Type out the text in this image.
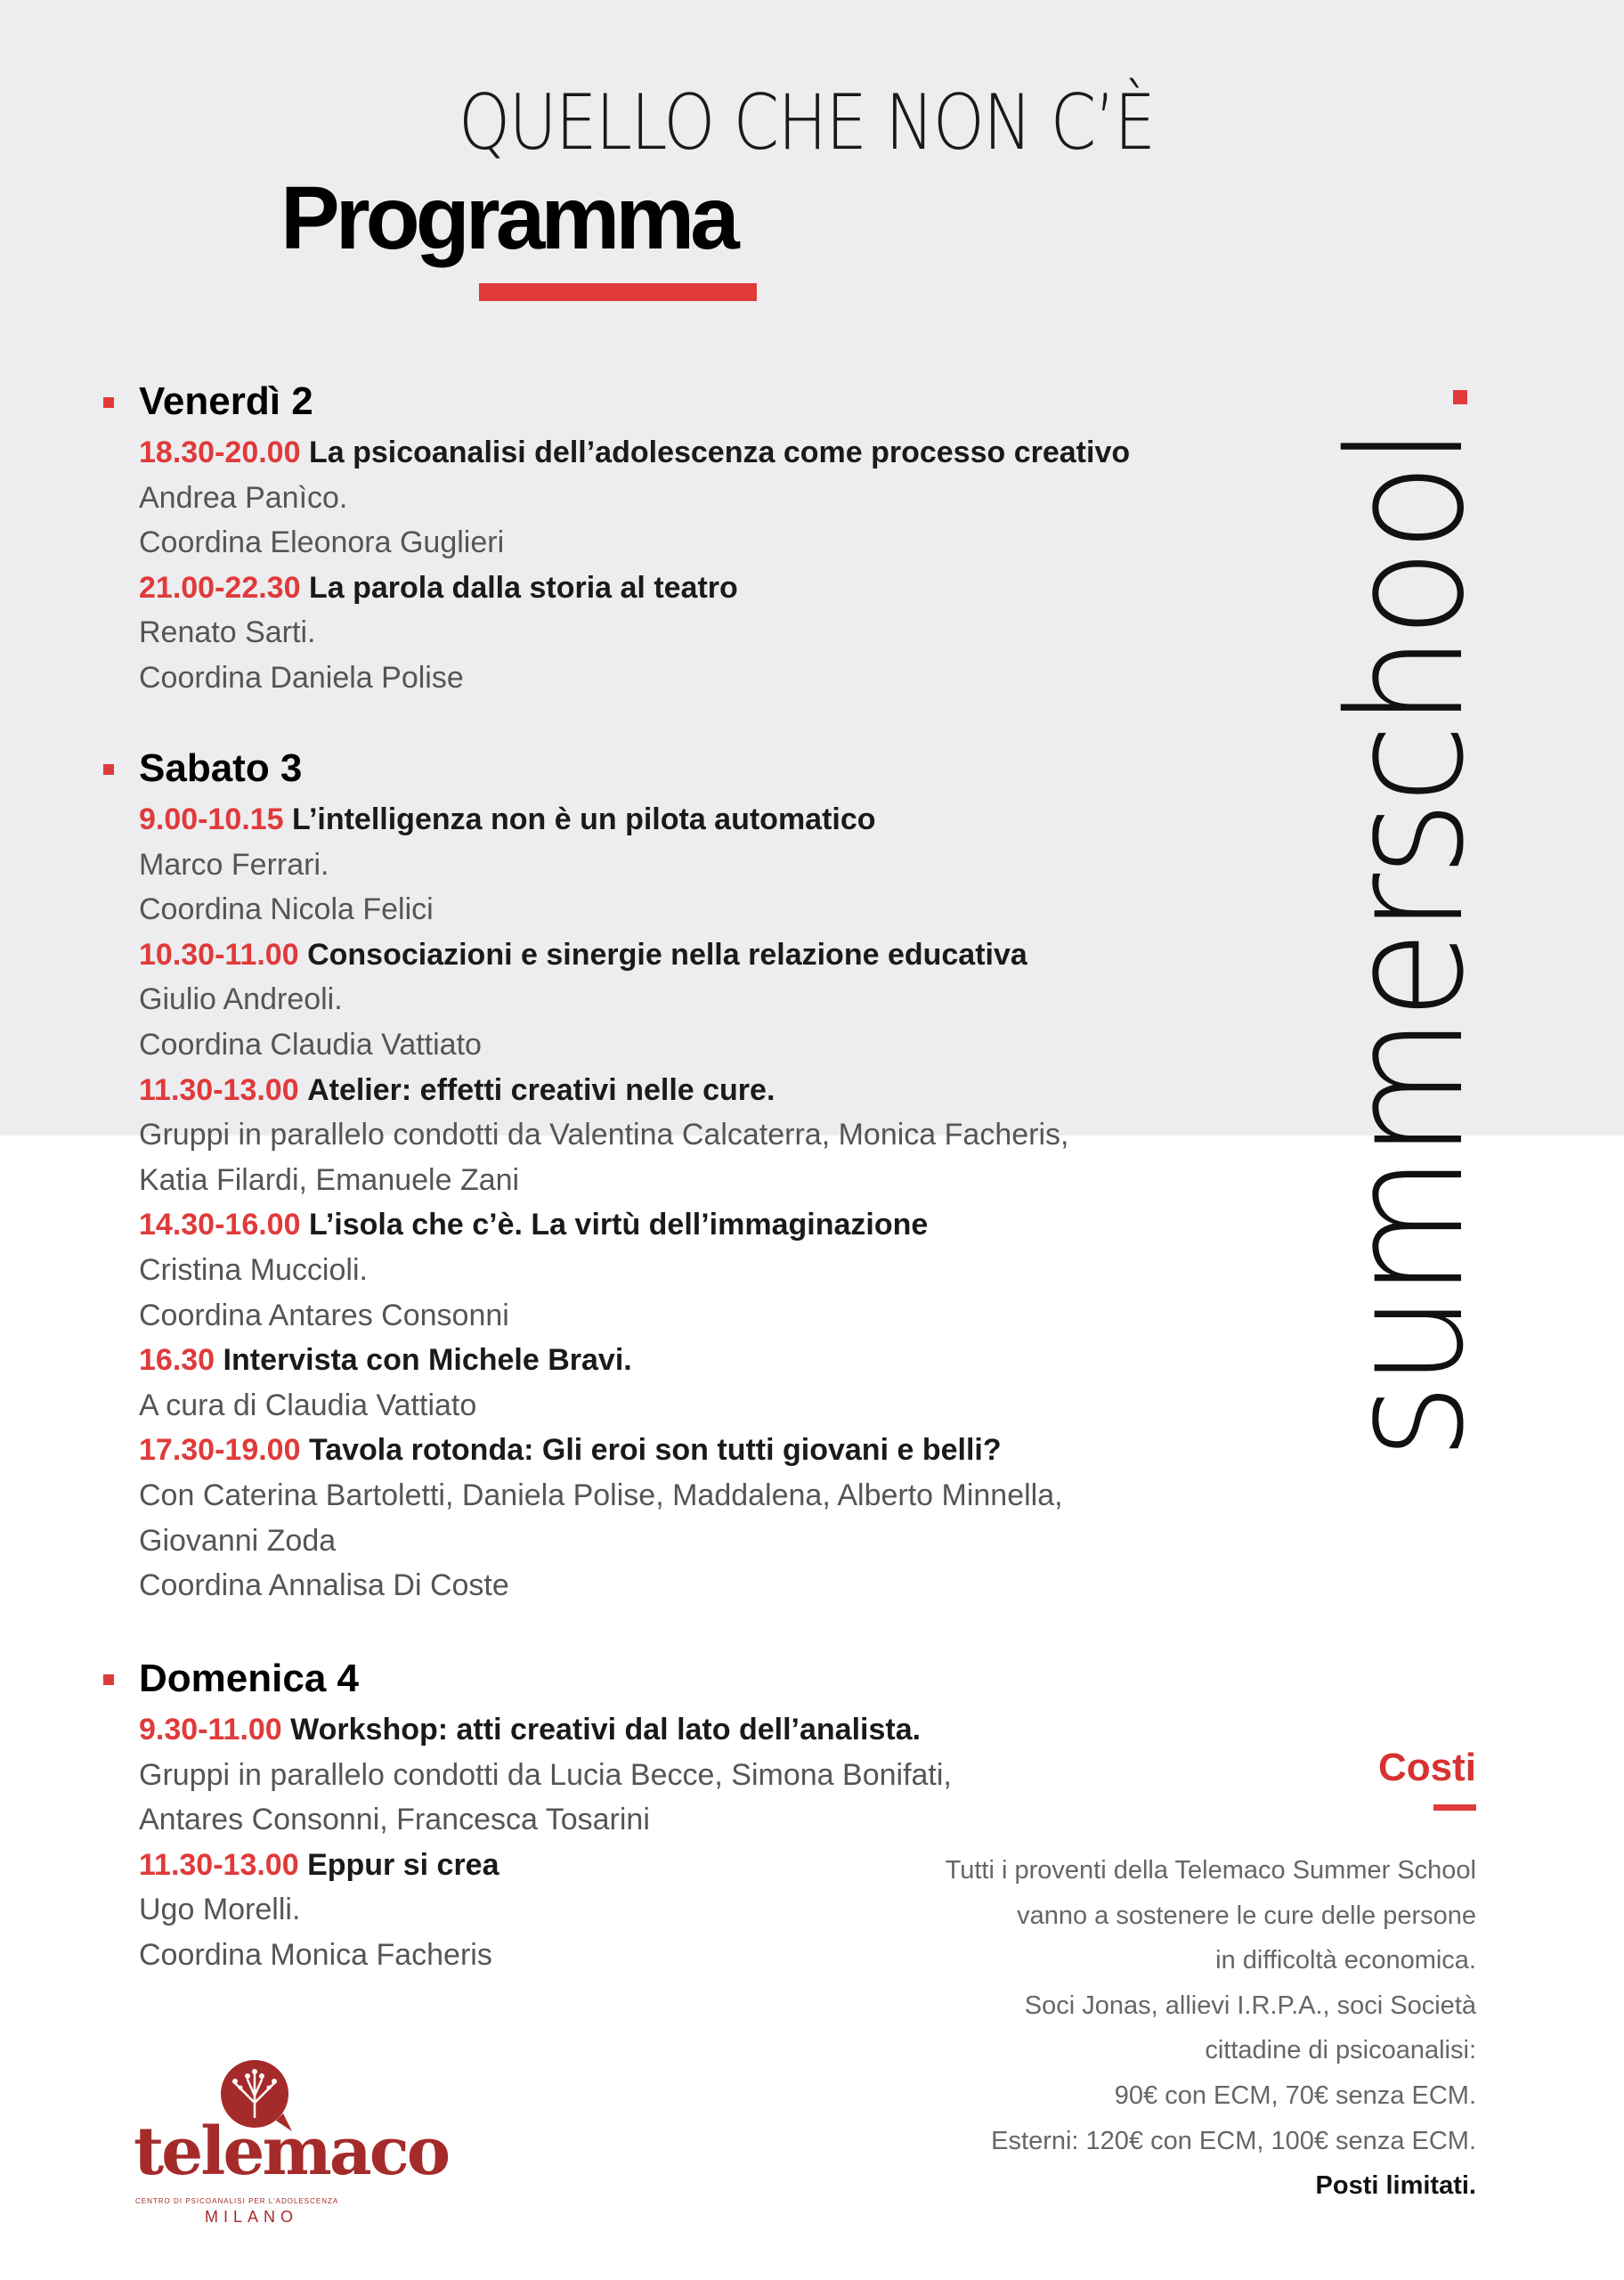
QUELLO CHE NON C’È
Programma
Venerdì 2
18.30-20.00 La psicoanalisi dell’adolescenza come processo creativo
Andrea Panìco.
Coordina Eleonora Guglieri
21.00-22.30 La parola dalla storia al teatro
Renato Sarti.
Coordina Daniela Polise
Sabato 3
9.00-10.15 L’intelligenza non è un pilota automatico
Marco Ferrari.
Coordina Nicola Felici
10.30-11.00 Consociazioni e sinergie nella relazione educativa
Giulio Andreoli.
Coordina Claudia Vattiato
11.30-13.00 Atelier: effetti creativi nelle cure.
Gruppi in parallelo condotti da Valentina Calcaterra, Monica Facheris,
Katia Filardi, Emanuele Zani
14.30-16.00 L’isola che c’è. La virtù dell’immaginazione
Cristina Muccioli.
Coordina Antares Consonni
16.30 Intervista con Michele Bravi.
A cura di Claudia Vattiato
17.30-19.00 Tavola rotonda: Gli eroi son tutti giovani e belli?
Con Caterina Bartoletti, Daniela Polise, Maddalena, Alberto Minnella,
Giovanni Zoda
Coordina Annalisa Di Coste
Domenica 4
9.30-11.00 Workshop: atti creativi dal lato dell’analista.
Gruppi in parallelo condotti da Lucia Becce, Simona Bonifati,
Antares Consonni, Francesca Tosarini
11.30-13.00 Eppur si crea
Ugo Morelli.
Coordina Monica Facheris
summerschool
Costi
Tutti i proventi della Telemaco Summer School
vanno a sostenere le cure delle persone
in difficoltà economica.
Soci Jonas, allievi I.R.P.A., soci Società
cittadine di psicoanalisi:
90€ con ECM, 70€ senza ECM.
Esterni: 120€ con ECM, 100€ senza ECM.
Posti limitati.
telemaco
CENTRO DI PSICOANALISI PER L'ADOLESCENZA
MILANO
